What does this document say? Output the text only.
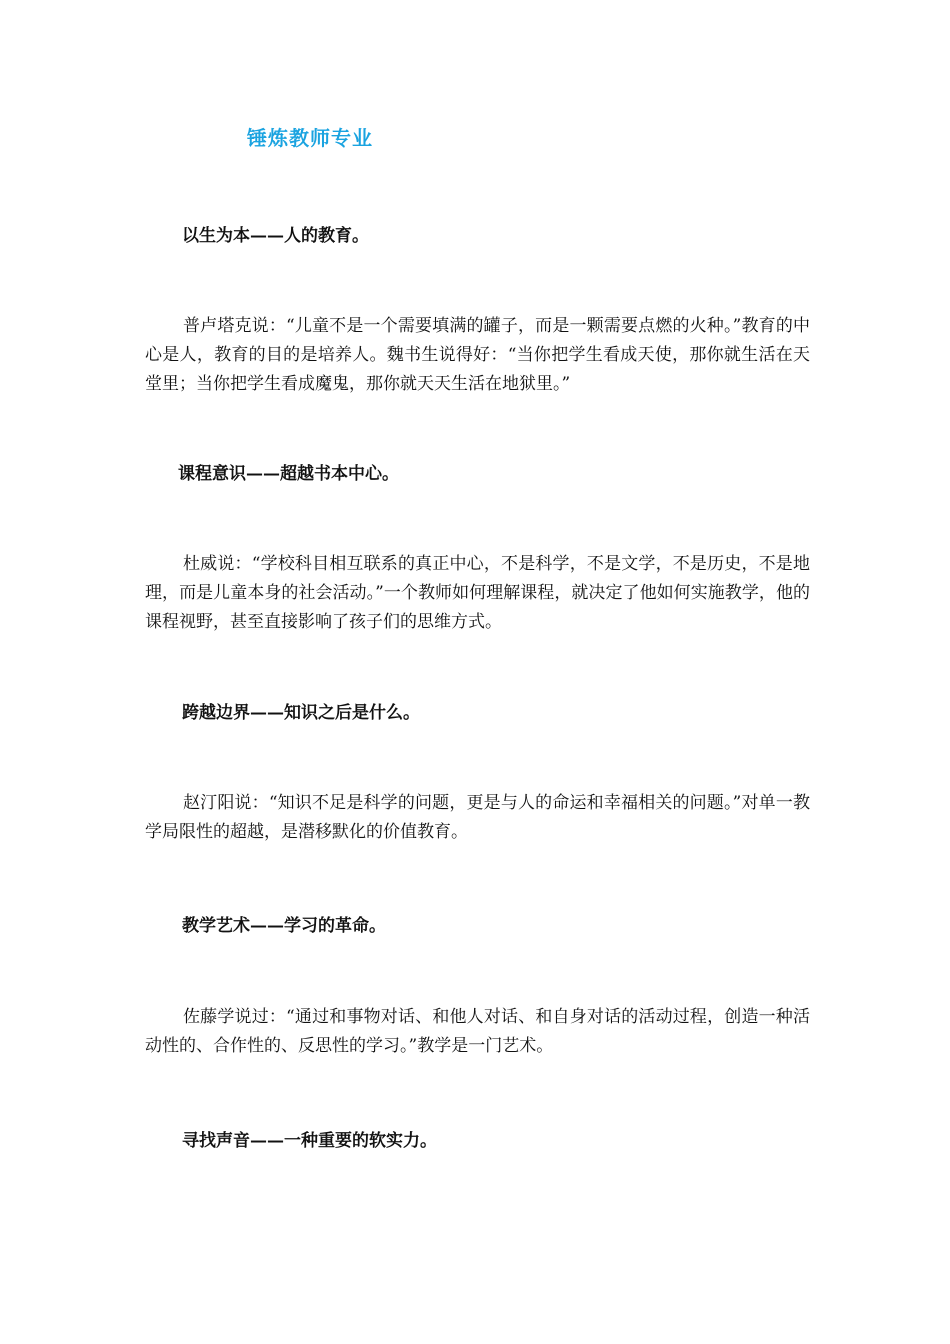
锤炼教师专业
以生为本——人的教育。
普卢塔克说：“儿童不是一个需要填满的罐子，而是一颗需要点燃的火种。”教育的中心是人，教育的目的是培养人。魏书生说得好：“当你把学生看成天使，那你就生活在天堂里；当你把学生看成魔鬼，那你就天天生活在地狱里。”
课程意识——超越书本中心。
杜威说：“学校科目相互联系的真正中心，不是科学，不是文学，不是历史，不是地理，而是儿童本身的社会活动。”一个教师如何理解课程，就决定了他如何实施教学，他的课程视野，甚至直接影响了孩子们的思维方式。
跨越边界——知识之后是什么。
赵汀阳说：“知识不足是科学的问题，更是与人的命运和幸福相关的问题。”对单一教学局限性的超越，是潜移默化的价值教育。
教学艺术——学习的革命。
佐藤学说过：“通过和事物对话、和他人对话、和自身对话的活动过程，创造一种活动性的、合作性的、反思性的学习。”教学是一门艺术。
寻找声音——一种重要的软实力。
